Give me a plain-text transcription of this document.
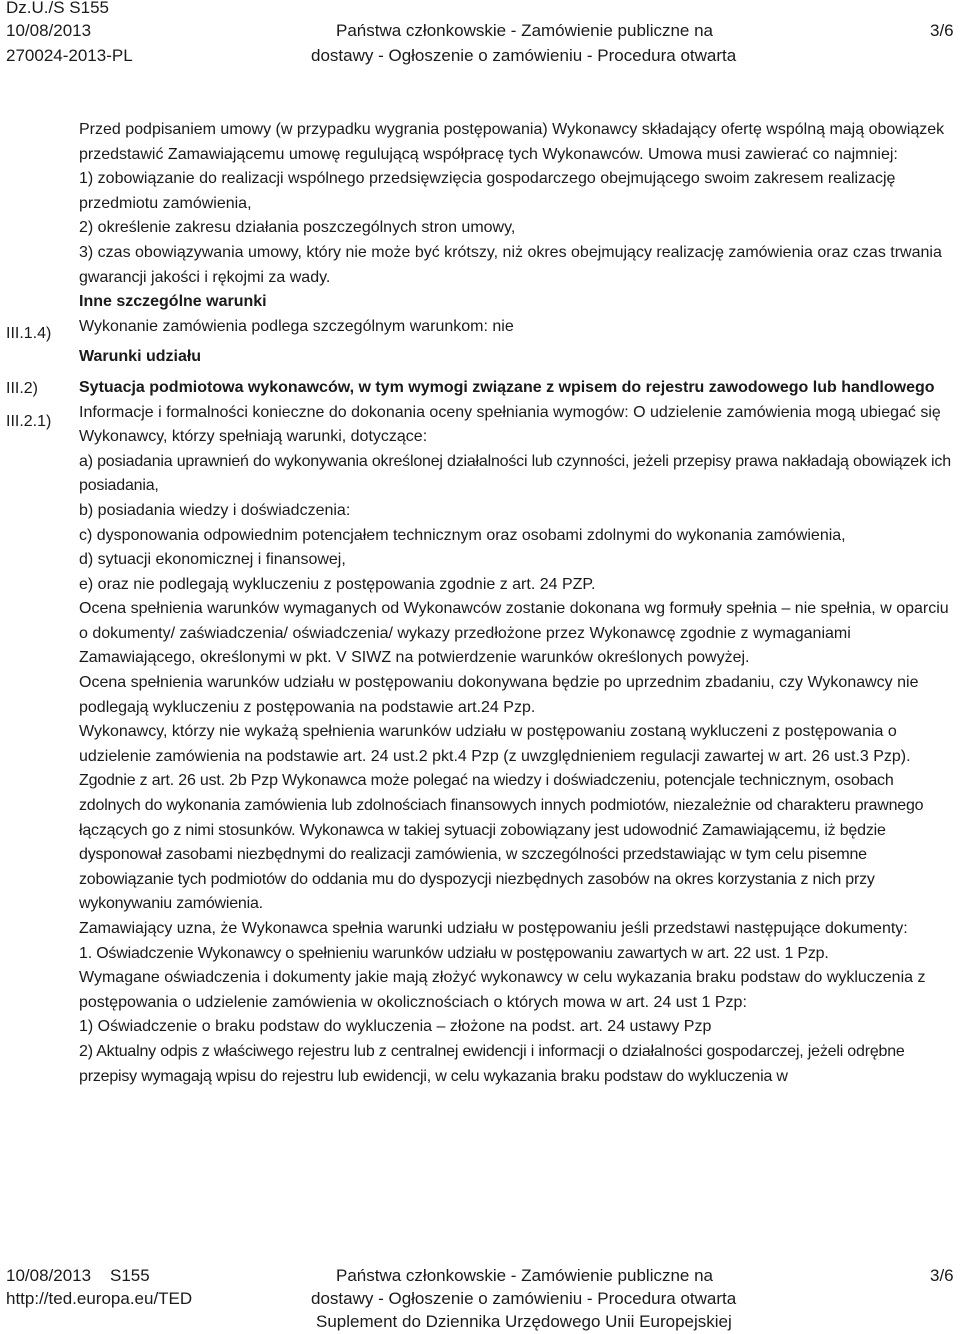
Dz.U./S S155
10/08/2013
270024-2013-PL
Państwa członkowskie - Zamówienie publiczne na
dostawy - Ogłoszenie o zamówieniu - Procedura otwarta
3/6
III.1.4)
III.2)
III.2.1)

Przed podpisaniem umowy (w przypadku wygrania postępowania) Wykonawcy składający ofertę wspólną mają obowiązek przedstawić Zamawiającemu umowę regulującą współpracę tych Wykonawców. Umowa musi zawierać co najmniej:

1) zobowiązanie do realizacji wspólnego przedsięwzięcia gospodarczego obejmującego swoim zakresem realizację przedmiotu zamówienia,

2) określenie zakresu działania poszczególnych stron umowy,

3) czas obowiązywania umowy, który nie może być krótszy, niż okres obejmujący realizację zamówienia oraz czas trwania gwarancji jakości i rękojmi za wady.

Inne szczególne warunki

Wykonanie zamówienia podlega szczególnym warunkom: nie

Warunki udziału

Sytuacja podmiotowa wykonawców, w tym wymogi związane z wpisem do rejestru zawodowego lub handlowego

Informacje i formalności konieczne do dokonania oceny spełniania wymogów: O udzielenie zamówienia mogą ubiegać się Wykonawcy, którzy spełniają warunki, dotyczące:

a) posiadania uprawnień do wykonywania określonej działalności lub czynności, jeżeli przepisy prawa nakładają obowiązek ich posiadania,

b) posiadania wiedzy i doświadczenia:

c) dysponowania odpowiednim potencjałem technicznym oraz osobami zdolnymi do wykonania zamówienia,

d) sytuacji ekonomicznej i finansowej,

e) oraz nie podlegają wykluczeniu z postępowania zgodnie z art. 24 PZP.

Ocena spełnienia warunków wymaganych od Wykonawców zostanie dokonana wg formuły spełnia – nie spełnia, w oparciu o dokumenty/ zaświadczenia/ oświadczenia/ wykazy przedłożone przez Wykonawcę zgodnie z wymaganiami Zamawiającego, określonymi w pkt. V SIWZ na potwierdzenie warunków określonych powyżej.

Ocena spełnienia warunków udziału w postępowaniu dokonywana będzie po uprzednim zbadaniu, czy Wykonawcy nie podlegają wykluczeniu z postępowania na podstawie art.24 Pzp.

Wykonawcy, którzy nie wykażą spełnienia warunków udziału w postępowaniu zostaną wykluczeni z postępowania o udzielenie zamówienia na podstawie art. 24 ust.2 pkt.4 Pzp (z uwzględnieniem regulacji zawartej w art. 26 ust.3 Pzp).

Zgodnie z art. 26 ust. 2b Pzp Wykonawca może polegać na wiedzy i doświadczeniu, potencjale technicznym, osobach zdolnych do wykonania zamówienia lub zdolnościach finansowych innych podmiotów, niezależnie od charakteru prawnego łączących go z nimi stosunków. Wykonawca w takiej sytuacji zobowiązany jest udowodnić Zamawiającemu, iż będzie dysponował zasobami niezbędnymi do realizacji zamówienia, w szczególności przedstawiając w tym celu pisemne zobowiązanie tych podmiotów do oddania mu do dyspozycji niezbędnych zasobów na okres korzystania z nich przy wykonywaniu zamówienia.

Zamawiający uzna, że Wykonawca spełnia warunki udziału w postępowaniu jeśli przedstawi następujące dokumenty:

1. Oświadczenie Wykonawcy o spełnieniu warunków udziału w postępowaniu zawartych w art. 22 ust. 1 Pzp.

Wymagane oświadczenia i dokumenty jakie mają złożyć wykonawcy w celu wykazania braku podstaw do wykluczenia z postępowania o udzielenie zamówienia w okolicznościach o których mowa w art. 24 ust 1 Pzp:

1) Oświadczenie o braku podstaw do wykluczenia – złożone na podst. art. 24 ustawy Pzp

2) Aktualny odpis z właściwego rejestru lub z centralnej ewidencji i informacji o działalności gospodarczej, jeżeli odrębne przepisy wymagają wpisu do rejestru lub ewidencji, w celu wykazania braku podstaw do wykluczenia w

10/08/2013    S155
http://ted.europa.eu/TED
Państwa członkowskie - Zamówienie publiczne na
dostawy - Ogłoszenie o zamówieniu - Procedura otwarta
Suplement do Dziennika Urzędowego Unii Europejskiej
3/6
